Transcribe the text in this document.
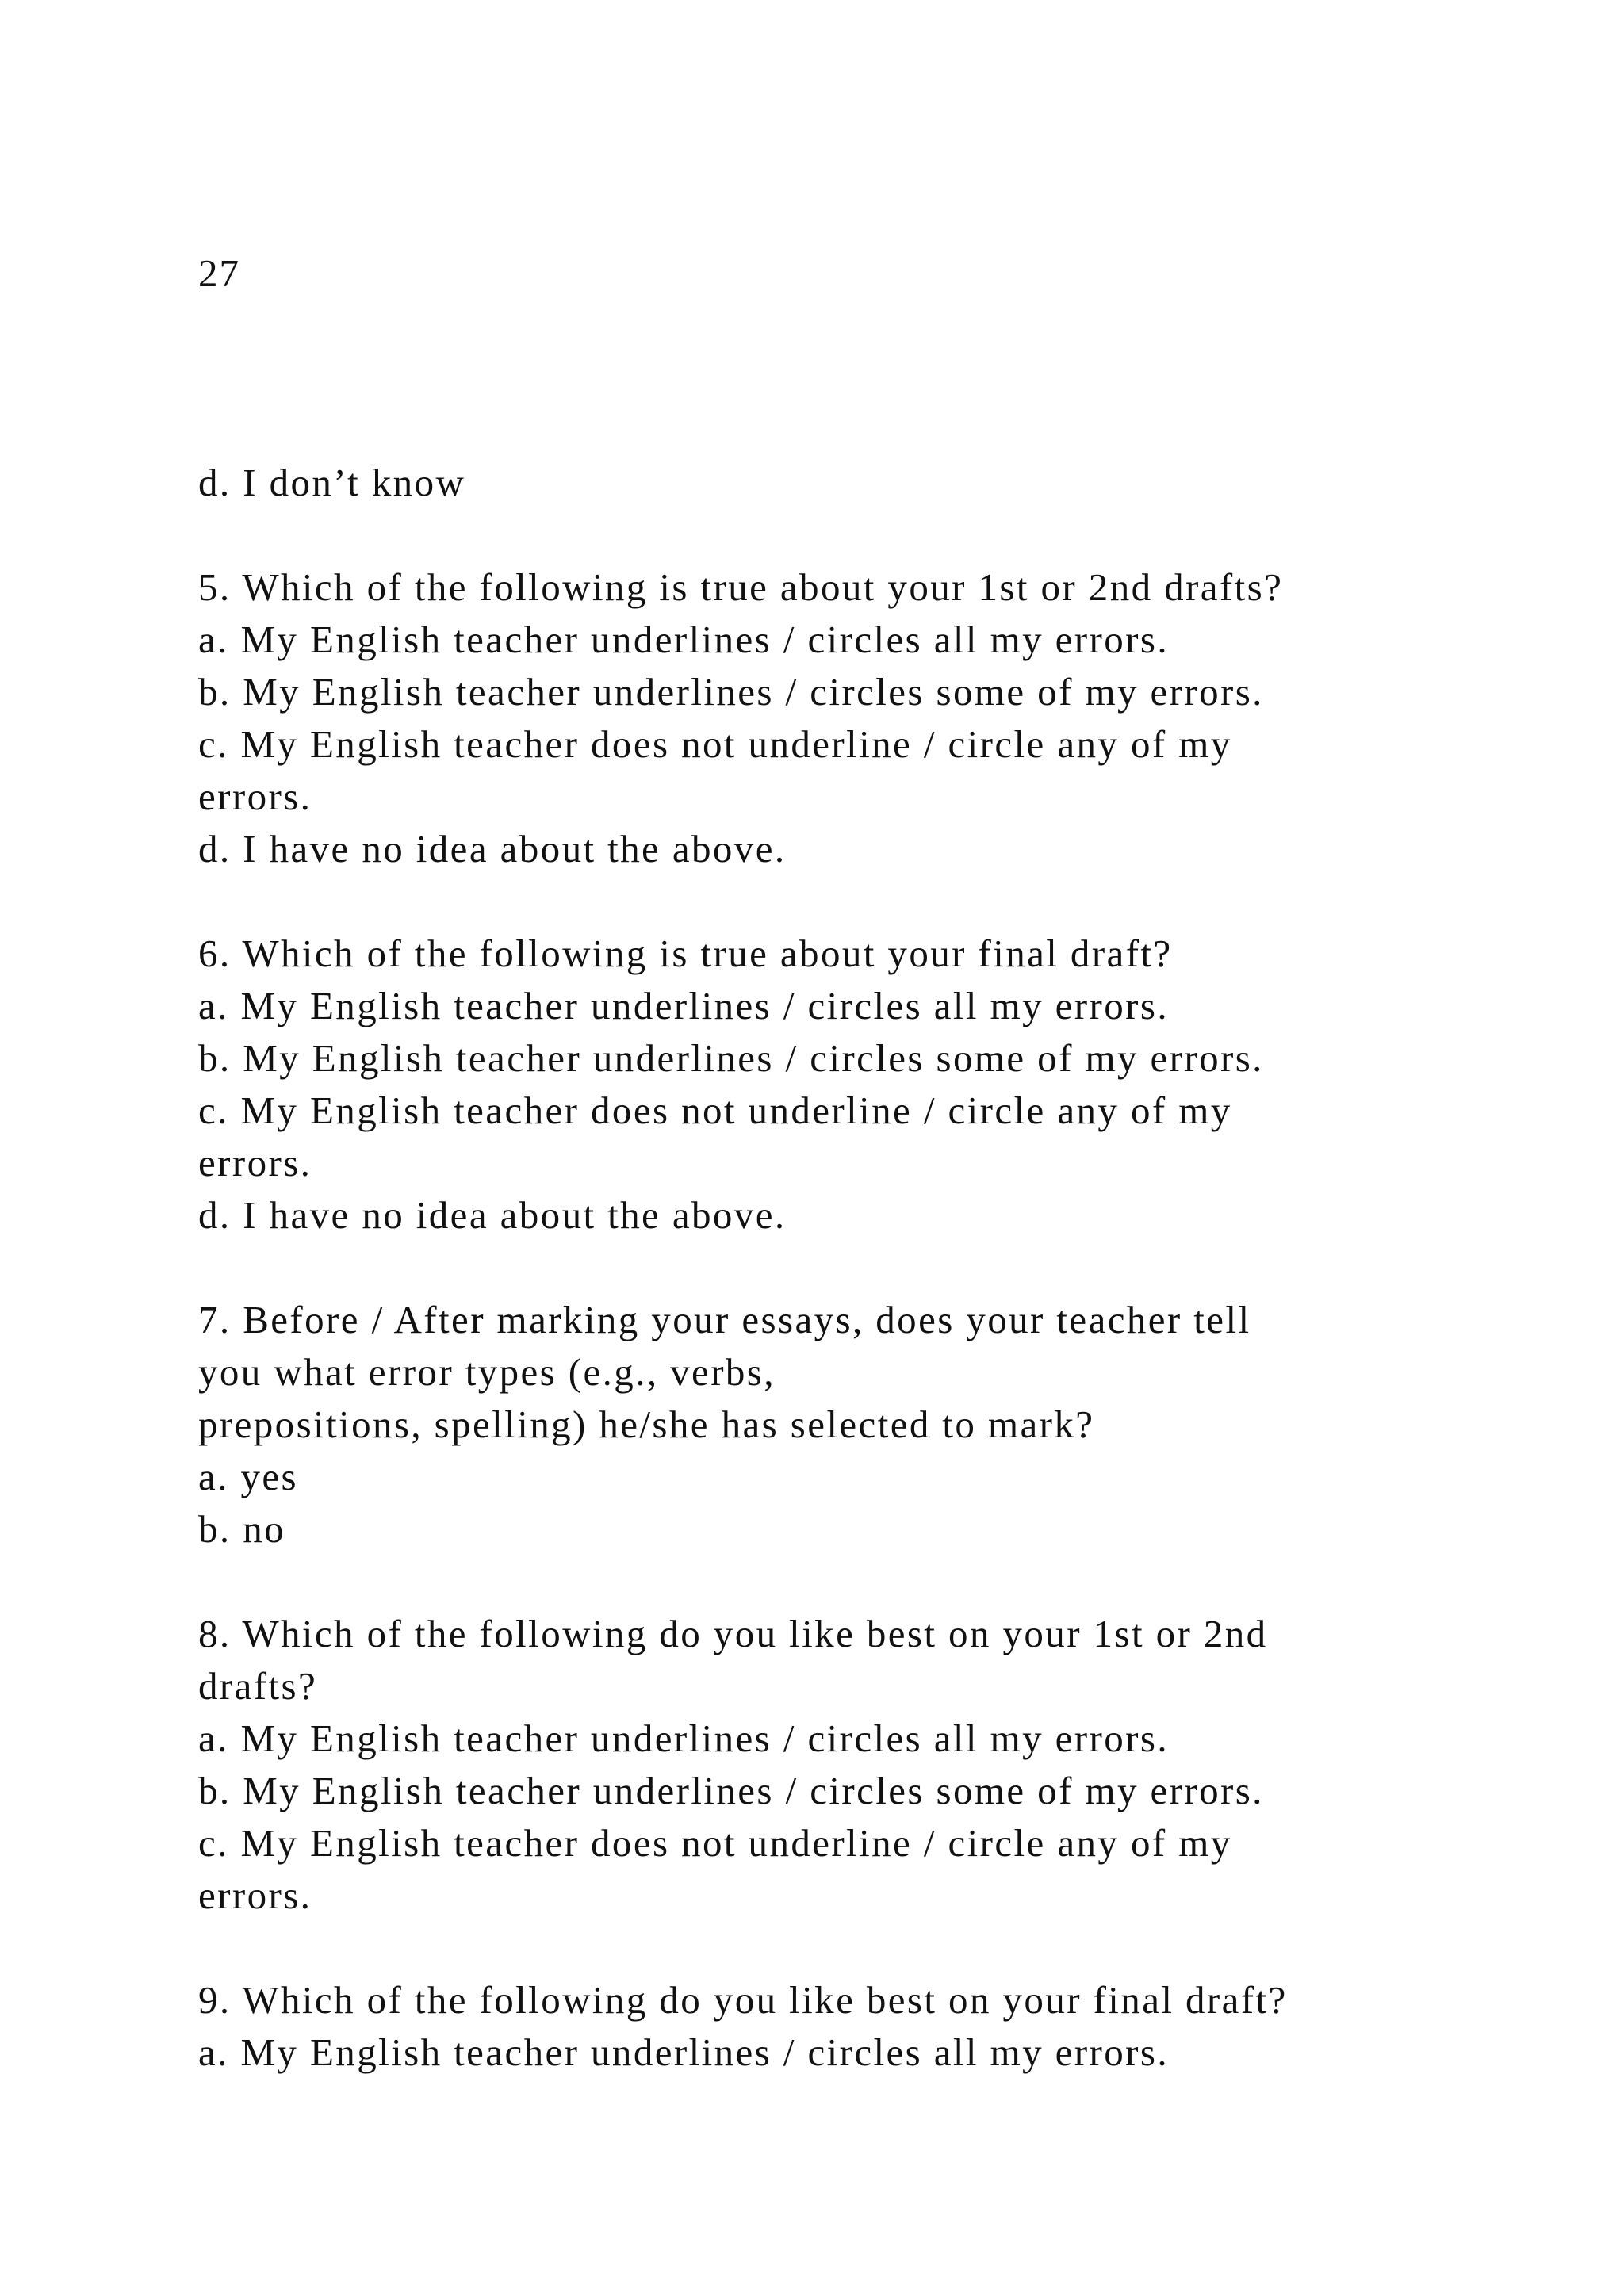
27

d. I don’t know

5. Which of the following is true about your 1st or 2nd drafts?

a. My English teacher underlines / circles all my errors.

b. My English teacher underlines / circles some of my errors.

c. My English teacher does not underline / circle any of my

errors.

d. I have no idea about the above.

6. Which of the following is true about your final draft?

a. My English teacher underlines / circles all my errors.

b. My English teacher underlines / circles some of my errors.

c. My English teacher does not underline / circle any of my

errors.

d. I have no idea about the above.

7. Before / After marking your essays, does your teacher tell

you what error types (e.g., verbs,

prepositions, spelling) he/she has selected to mark?

a. yes

b. no

8. Which of the following do you like best on your 1st or 2nd

drafts?

a. My English teacher underlines / circles all my errors.

b. My English teacher underlines / circles some of my errors.

c. My English teacher does not underline / circle any of my

errors.

9. Which of the following do you like best on your final draft?

a. My English teacher underlines / circles all my errors.
